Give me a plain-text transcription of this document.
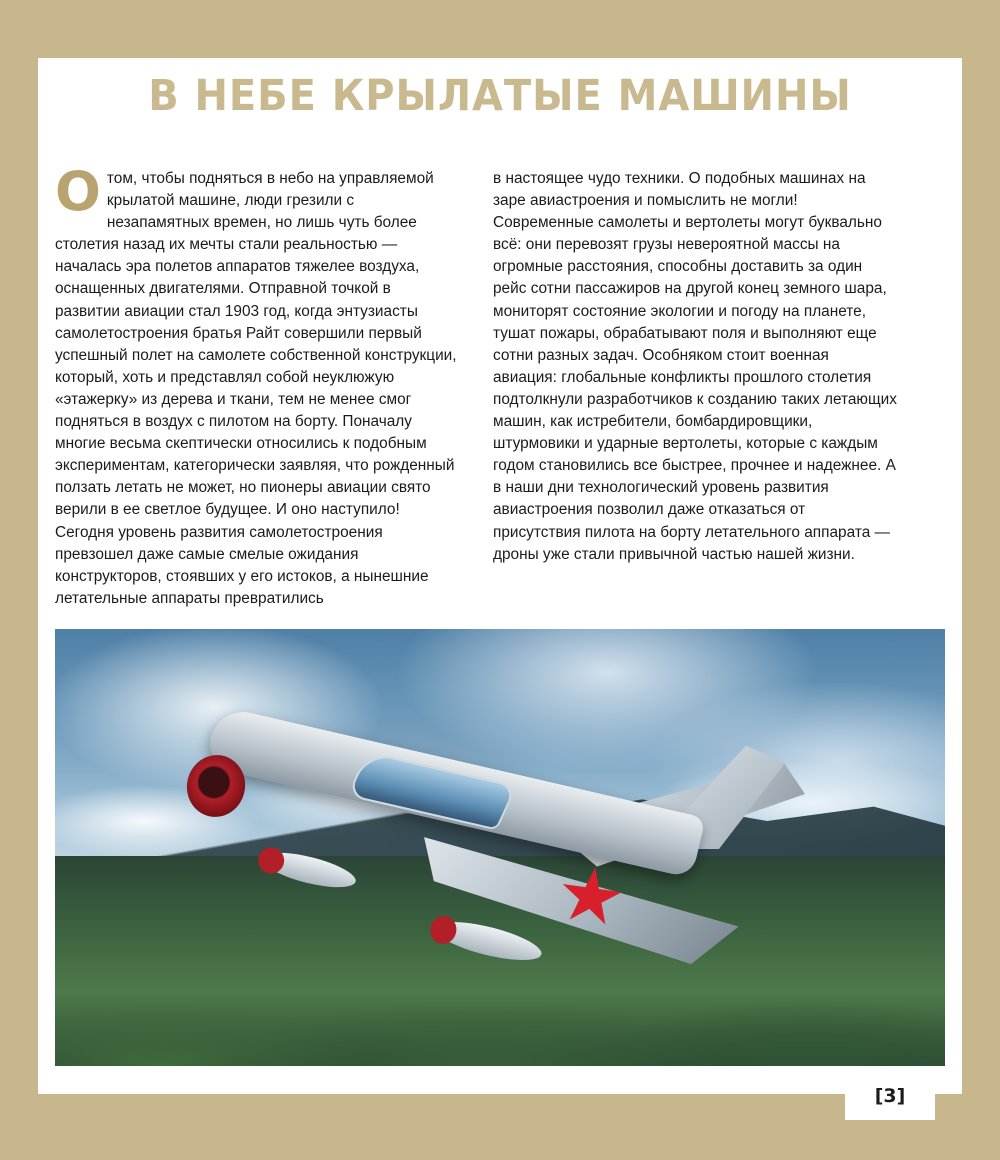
В НЕБЕ КРЫЛАТЫЕ МАШИНЫ
О том, чтобы подняться в небо на управляемой крылатой машине, люди грезили с незапамятных времен, но лишь чуть более столетия назад их мечты стали реальностью — началась эра полетов аппаратов тяжелее воздуха, оснащенных двигателями. Отправной точкой в развитии авиации стал 1903 год, когда энтузиасты самолетостроения братья Райт совершили первый успешный полет на самолете собственной конструкции, который, хоть и представлял собой неуклюжую «этажерку» из дерева и ткани, тем не менее смог подняться в воздух с пилотом на борту. Поначалу многие весьма скептически относились к подобным экспериментам, категорически заявляя, что рожденный ползать летать не может, но пионеры авиации свято верили в ее светлое будущее. И оно наступило! Сегодня уровень развития самолетостроения превзошел даже самые смелые ожидания конструкторов, стоявших у его истоков, а нынешние летательные аппараты превратились

в настоящее чудо техники. О подобных машинах на заре авиастроения и помыслить не могли! Современные самолеты и вертолеты могут буквально всё: они перевозят грузы невероятной массы на огромные расстояния, способны доставить за один рейс сотни пассажиров на другой конец земного шара, мониторят состояние экологии и погоду на планете, тушат пожары, обрабатывают поля и выполняют еще сотни разных задач. Особняком стоит военная авиация: глобальные конфликты прошлого столетия подтолкнули разработчиков к созданию таких летающих машин, как истребители, бомбардировщики, штурмовики и ударные вертолеты, которые с каждым годом становились все быстрее, прочнее и надежнее. А в наши дни технологический уровень развития авиастроения позволил даже отказаться от присутствия пилота на борту летательного аппарата — дроны уже стали привычной частью нашей жизни.

[3]
